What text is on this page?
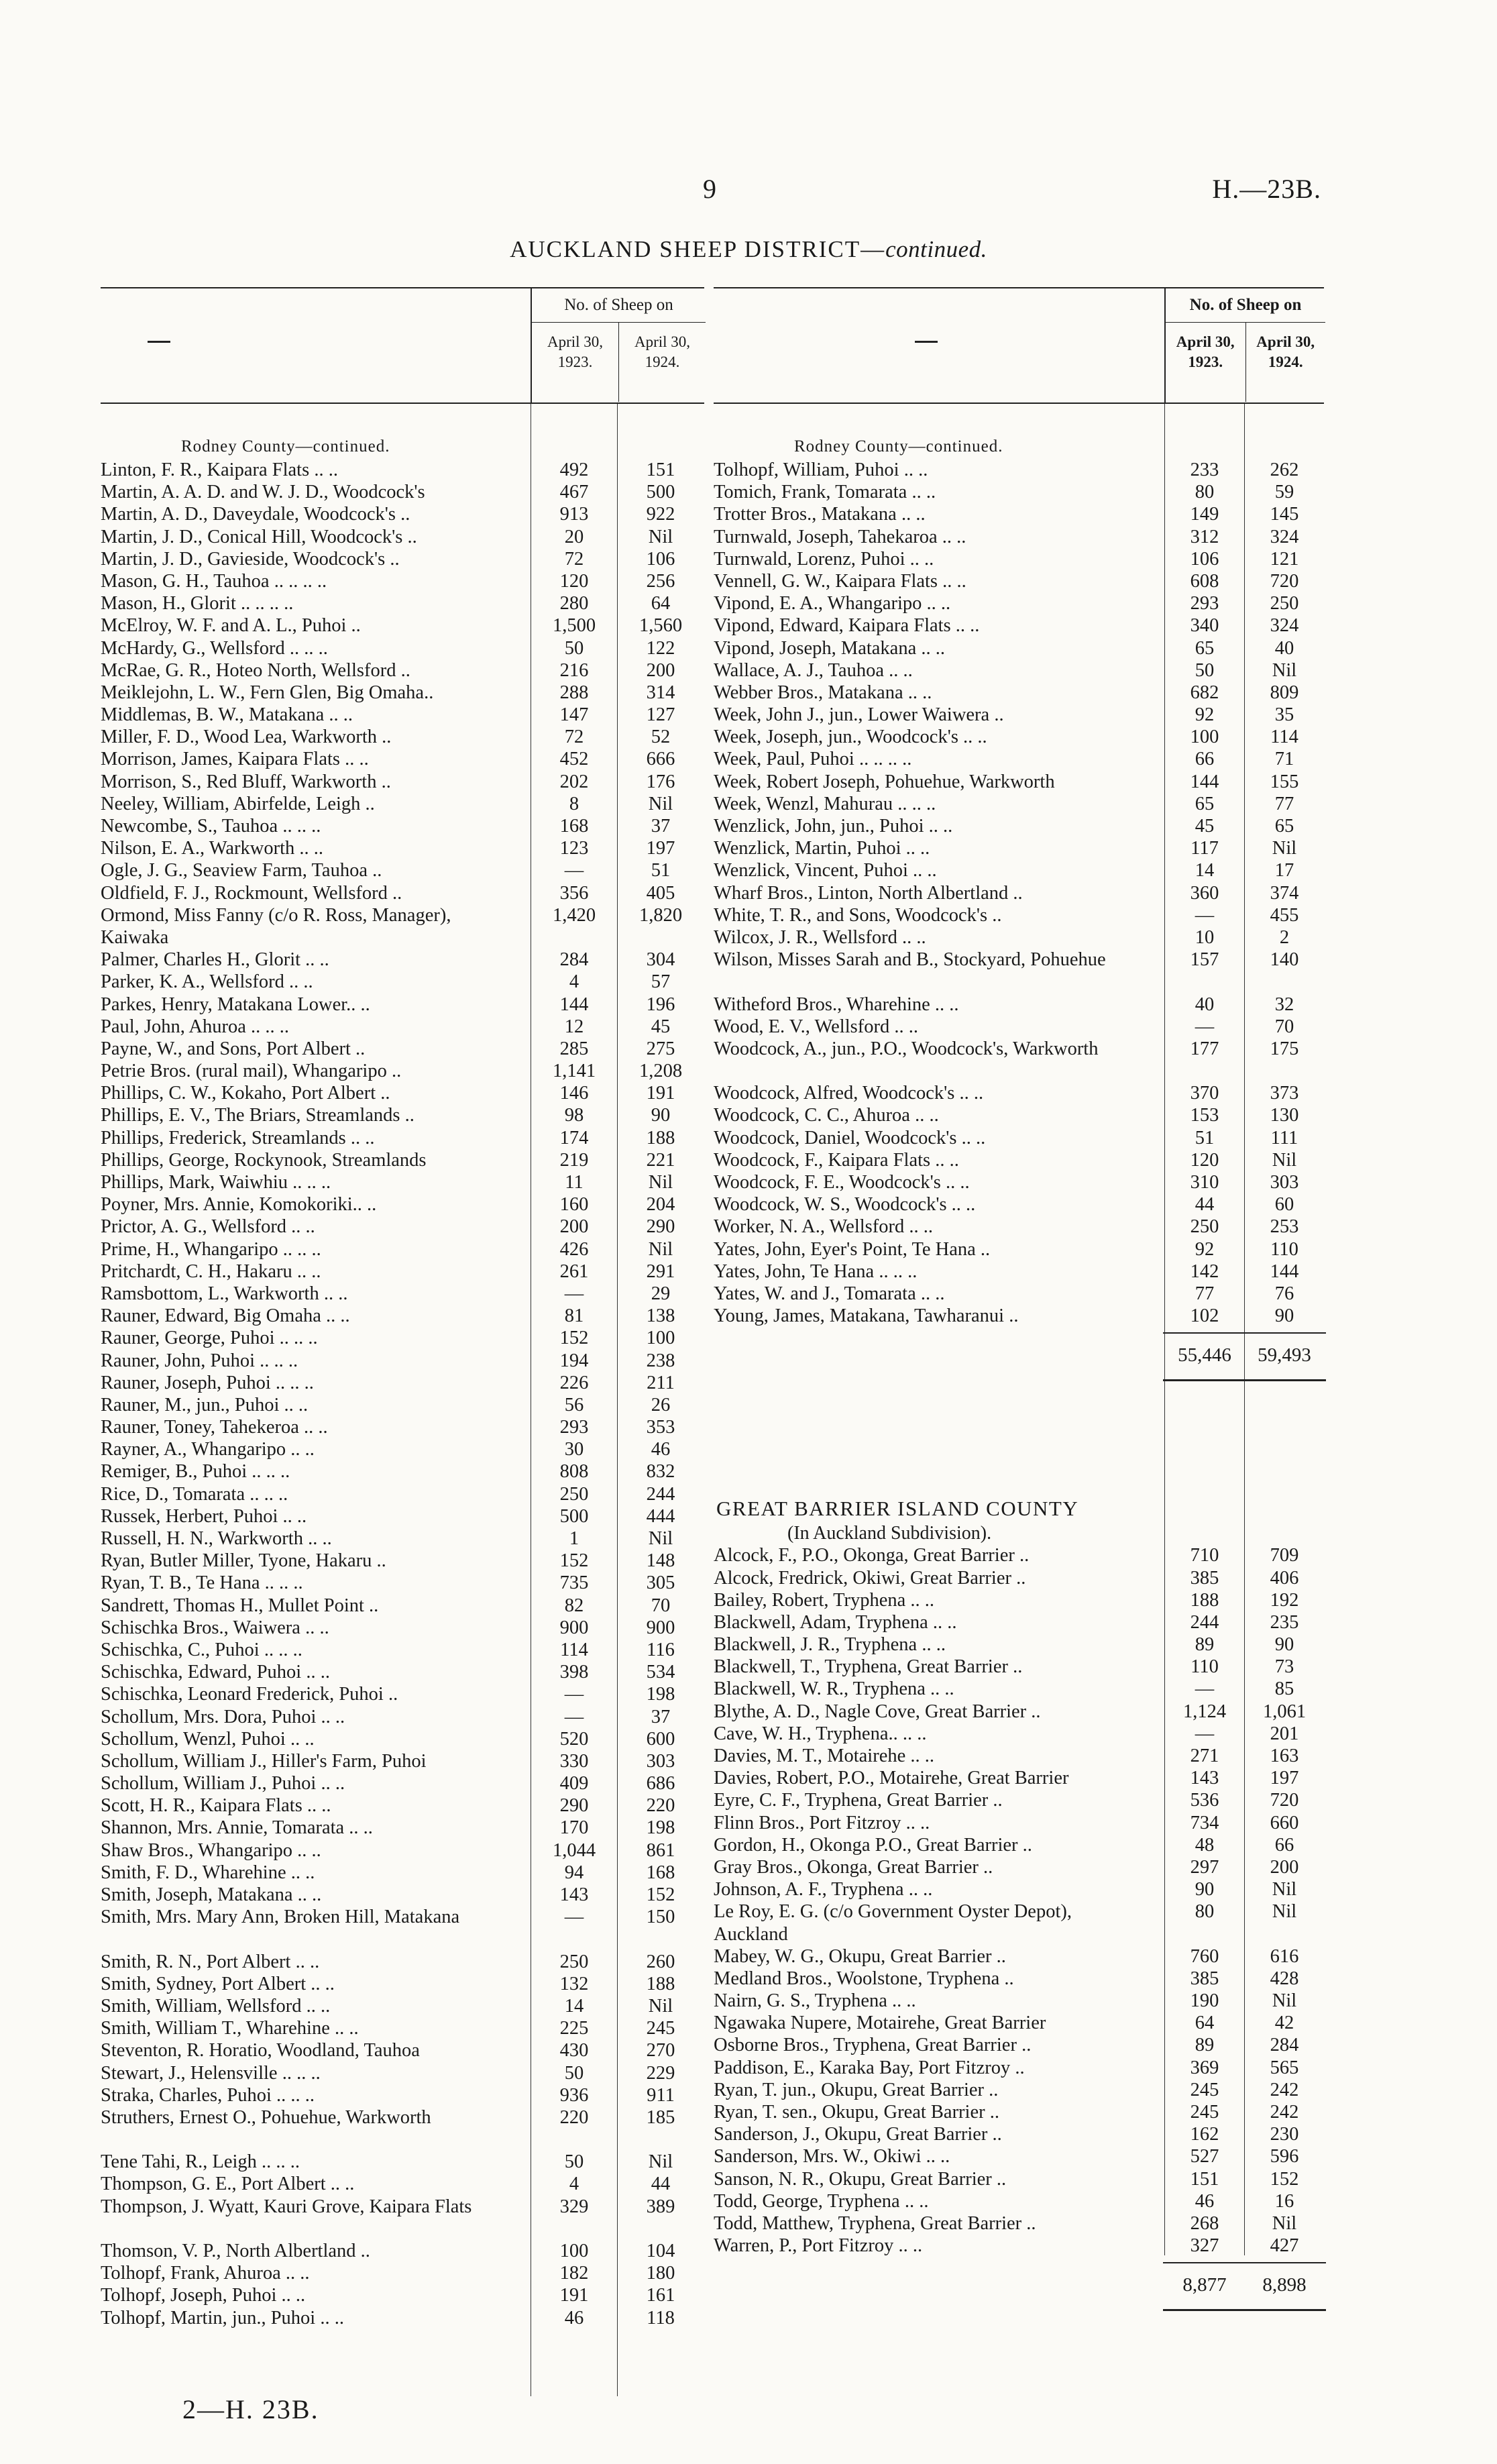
9	H.—23B.
AUCKLAND SHEEP DISTRICT—continued.
No. of Sheep on
April 30, 1923.
April 30, 1924.
Rodney County—continued.
Linton, F. R., Kaipara Flats .. ..	492	151
Martin, A. A. D. and W. J. D., Woodcock's	467	500
Martin, A. D., Daveydale, Woodcock's ..	913	922
Martin, J. D., Conical Hill, Woodcock's ..	20	Nil
Martin, J. D., Gavieside, Woodcock's ..	72	106
Mason, G. H., Tauhoa .. .. .. ..	120	256
Mason, H., Glorit .. .. .. ..	280	64
McElroy, W. F. and A. L., Puhoi ..	1,500	1,560
McHardy, G., Wellsford .. .. ..	50	122
McRae, G. R., Hoteo North, Wellsford ..	216	200
Meiklejohn, L. W., Fern Glen, Big Omaha..	288	314
Middlemas, B. W., Matakana .. ..	147	127
Miller, F. D., Wood Lea, Warkworth ..	72	52
Morrison, James, Kaipara Flats .. ..	452	666
Morrison, S., Red Bluff, Warkworth ..	202	176
Neeley, William, Abirfelde, Leigh ..	8	Nil
Newcombe, S., Tauhoa .. .. ..	168	37
Nilson, E. A., Warkworth .. ..	123	197
Ogle, J. G., Seaview Farm, Tauhoa ..	—	51
Oldfield, F. J., Rockmount, Wellsford ..	356	405
Ormond, Miss Fanny (c/o R. Ross, Manager), Kaiwaka
1,420	1,820
Palmer, Charles H., Glorit .. ..	284	304
Parker, K. A., Wellsford .. ..	4	57
Parkes, Henry, Matakana Lower.. ..	144	196
Paul, John, Ahuroa .. .. ..	12	45
Payne, W., and Sons, Port Albert ..	285	275
Petrie Bros. (rural mail), Whangaripo ..	1,141	1,208
Phillips, C. W., Kokaho, Port Albert ..	146	191
Phillips, E. V., The Briars, Streamlands ..	98	90
Phillips, Frederick, Streamlands .. ..	174	188
Phillips, George, Rockynook, Streamlands	219	221
Phillips, Mark, Waiwhiu .. .. ..	11	Nil
Poyner, Mrs. Annie, Komokoriki.. ..	160	204
Prictor, A. G., Wellsford .. ..	200	290
Prime, H., Whangaripo .. .. ..	426	Nil
Pritchardt, C. H., Hakaru .. ..	261	291
Ramsbottom, L., Warkworth .. ..	—	29
Rauner, Edward, Big Omaha .. ..	81	138
Rauner, George, Puhoi .. .. ..	152	100
Rauner, John, Puhoi .. .. ..	194	238
Rauner, Joseph, Puhoi .. .. ..	226	211
Rauner, M., jun., Puhoi .. ..	56	26
Rauner, Toney, Tahekeroa .. ..	293	353
Rayner, A., Whangaripo .. ..	30	46
Remiger, B., Puhoi .. .. ..	808	832
Rice, D., Tomarata .. .. ..	250	244
Russek, Herbert, Puhoi .. ..	500	444
Russell, H. N., Warkworth .. ..	1	Nil
Ryan, Butler Miller, Tyone, Hakaru ..	152	148
Ryan, T. B., Te Hana .. .. ..	735	305
Sandrett, Thomas H., Mullet Point ..	82	70
Schischka Bros., Waiwera .. ..	900	900
Schischka, C., Puhoi .. .. ..	114	116
Schischka, Edward, Puhoi .. ..	398	534
Schischka, Leonard Frederick, Puhoi ..	—	198
Schollum, Mrs. Dora, Puhoi .. ..	—	37
Schollum, Wenzl, Puhoi .. ..	520	600
Schollum, William J., Hiller's Farm, Puhoi	330	303
Schollum, William J., Puhoi .. ..	409	686
Scott, H. R., Kaipara Flats .. ..	290	220
Shannon, Mrs. Annie, Tomarata .. ..	170	198
Shaw Bros., Whangaripo .. ..	1,044	861
Smith, F. D., Wharehine .. ..	94	168
Smith, Joseph, Matakana .. ..	143	152
Smith, Mrs. Mary Ann, Broken Hill, Matakana	—	150
Smith, R. N., Port Albert .. ..	250	260
Smith, Sydney, Port Albert .. ..	132	188
Smith, William, Wellsford .. ..	14	Nil
Smith, William T., Wharehine .. ..	225	245
Steventon, R. Horatio, Woodland, Tauhoa	430	270
Stewart, J., Helensville .. .. ..	50	229
Straka, Charles, Puhoi .. .. ..	936	911
Struthers, Ernest O., Pohuehue, Warkworth	220	185
Tene Tahi, R., Leigh .. .. ..	50	Nil
Thompson, G. E., Port Albert .. ..	4	44
Thompson, J. Wyatt, Kauri Grove, Kaipara Flats	329	389
Thomson, V. P., North Albertland ..	100	104
Tolhopf, Frank, Ahuroa .. ..	182	180
Tolhopf, Joseph, Puhoi .. ..	191	161
Tolhopf, Martin, jun., Puhoi .. ..	46	118
No. of Sheep on
April 30, 1923.
April 30, 1924.
Rodney County—continued.
Tolhopf, William, Puhoi .. ..	233	262
Tomich, Frank, Tomarata .. ..	80	59
Trotter Bros., Matakana .. ..	149	145
Turnwald, Joseph, Tahekaroa .. ..	312	324
Turnwald, Lorenz, Puhoi .. ..	106	121
Vennell, G. W., Kaipara Flats .. ..	608	720
Vipond, E. A., Whangaripo .. ..	293	250
Vipond, Edward, Kaipara Flats .. ..	340	324
Vipond, Joseph, Matakana .. ..	65	40
Wallace, A. J., Tauhoa .. ..	50	Nil
Webber Bros., Matakana .. ..	682	809
Week, John J., jun., Lower Waiwera ..	92	35
Week, Joseph, jun., Woodcock's .. ..	100	114
Week, Paul, Puhoi .. .. .. ..	66	71
Week, Robert Joseph, Pohuehue, Warkworth	144	155
Week, Wenzl, Mahurau .. .. ..	65	77
Wenzlick, John, jun., Puhoi .. ..	45	65
Wenzlick, Martin, Puhoi .. ..	117	Nil
Wenzlick, Vincent, Puhoi .. ..	14	17
Wharf Bros., Linton, North Albertland ..	360	374
White, T. R., and Sons, Woodcock's ..	—	455
Wilcox, J. R., Wellsford .. ..	10	2
Wilson, Misses Sarah and B., Stockyard, Pohuehue	157	140
Witheford Bros., Wharehine .. ..	40	32
Wood, E. V., Wellsford .. ..	—	70
Woodcock, A., jun., P.O., Woodcock's, Warkworth	177	175
Woodcock, Alfred, Woodcock's .. ..	370	373
Woodcock, C. C., Ahuroa .. ..	153	130
Woodcock, Daniel, Woodcock's .. ..	51	111
Woodcock, F., Kaipara Flats .. ..	120	Nil
Woodcock, F. E., Woodcock's .. ..	310	303
Woodcock, W. S., Woodcock's .. ..	44	60
Worker, N. A., Wellsford .. ..	250	253
Yates, John, Eyer's Point, Te Hana ..	92	110
Yates, John, Te Hana .. .. ..	142	144
Yates, W. and J., Tomarata .. ..	77	76
Young, James, Matakana, Tawharanui ..	102	90
55,446	59,493
GREAT BARRIER ISLAND COUNTY
(In Auckland Subdivision).
Alcock, F., P.O., Okonga, Great Barrier ..	710	709
Alcock, Fredrick, Okiwi, Great Barrier ..	385	406
Bailey, Robert, Tryphena .. ..	188	192
Blackwell, Adam, Tryphena .. ..	244	235
Blackwell, J. R., Tryphena .. ..	89	90
Blackwell, T., Tryphena, Great Barrier ..	110	73
Blackwell, W. R., Tryphena .. ..	—	85
Blythe, A. D., Nagle Cove, Great Barrier ..	1,124	1,061
Cave, W. H., Tryphena.. .. ..	—	201
Davies, M. T., Motairehe .. ..	271	163
Davies, Robert, P.O., Motairehe, Great Barrier	143	197
Eyre, C. F., Tryphena, Great Barrier ..	536	720
Flinn Bros., Port Fitzroy .. ..	734	660
Gordon, H., Okonga P.O., Great Barrier ..	48	66
Gray Bros., Okonga, Great Barrier ..	297	200
Johnson, A. F., Tryphena .. ..	90	Nil
Le Roy, E. G. (c/o Government Oyster Depot), Auckland
80	Nil
Mabey, W. G., Okupu, Great Barrier ..	760	616
Medland Bros., Woolstone, Tryphena ..	385	428
Nairn, G. S., Tryphena .. ..	190	Nil
Ngawaka Nupere, Motairehe, Great Barrier	64	42
Osborne Bros., Tryphena, Great Barrier ..	89	284
Paddison, E., Karaka Bay, Port Fitzroy ..	369	565
Ryan, T. jun., Okupu, Great Barrier ..	245	242
Ryan, T. sen., Okupu, Great Barrier ..	245	242
Sanderson, J., Okupu, Great Barrier ..	162	230
Sanderson, Mrs. W., Okiwi .. ..	527	596
Sanson, N. R., Okupu, Great Barrier ..	151	152
Todd, George, Tryphena .. ..	46	16
Todd, Matthew, Tryphena, Great Barrier ..	268	Nil
Warren, P., Port Fitzroy .. ..	327	427
8,877	8,898
2—H. 23B.
